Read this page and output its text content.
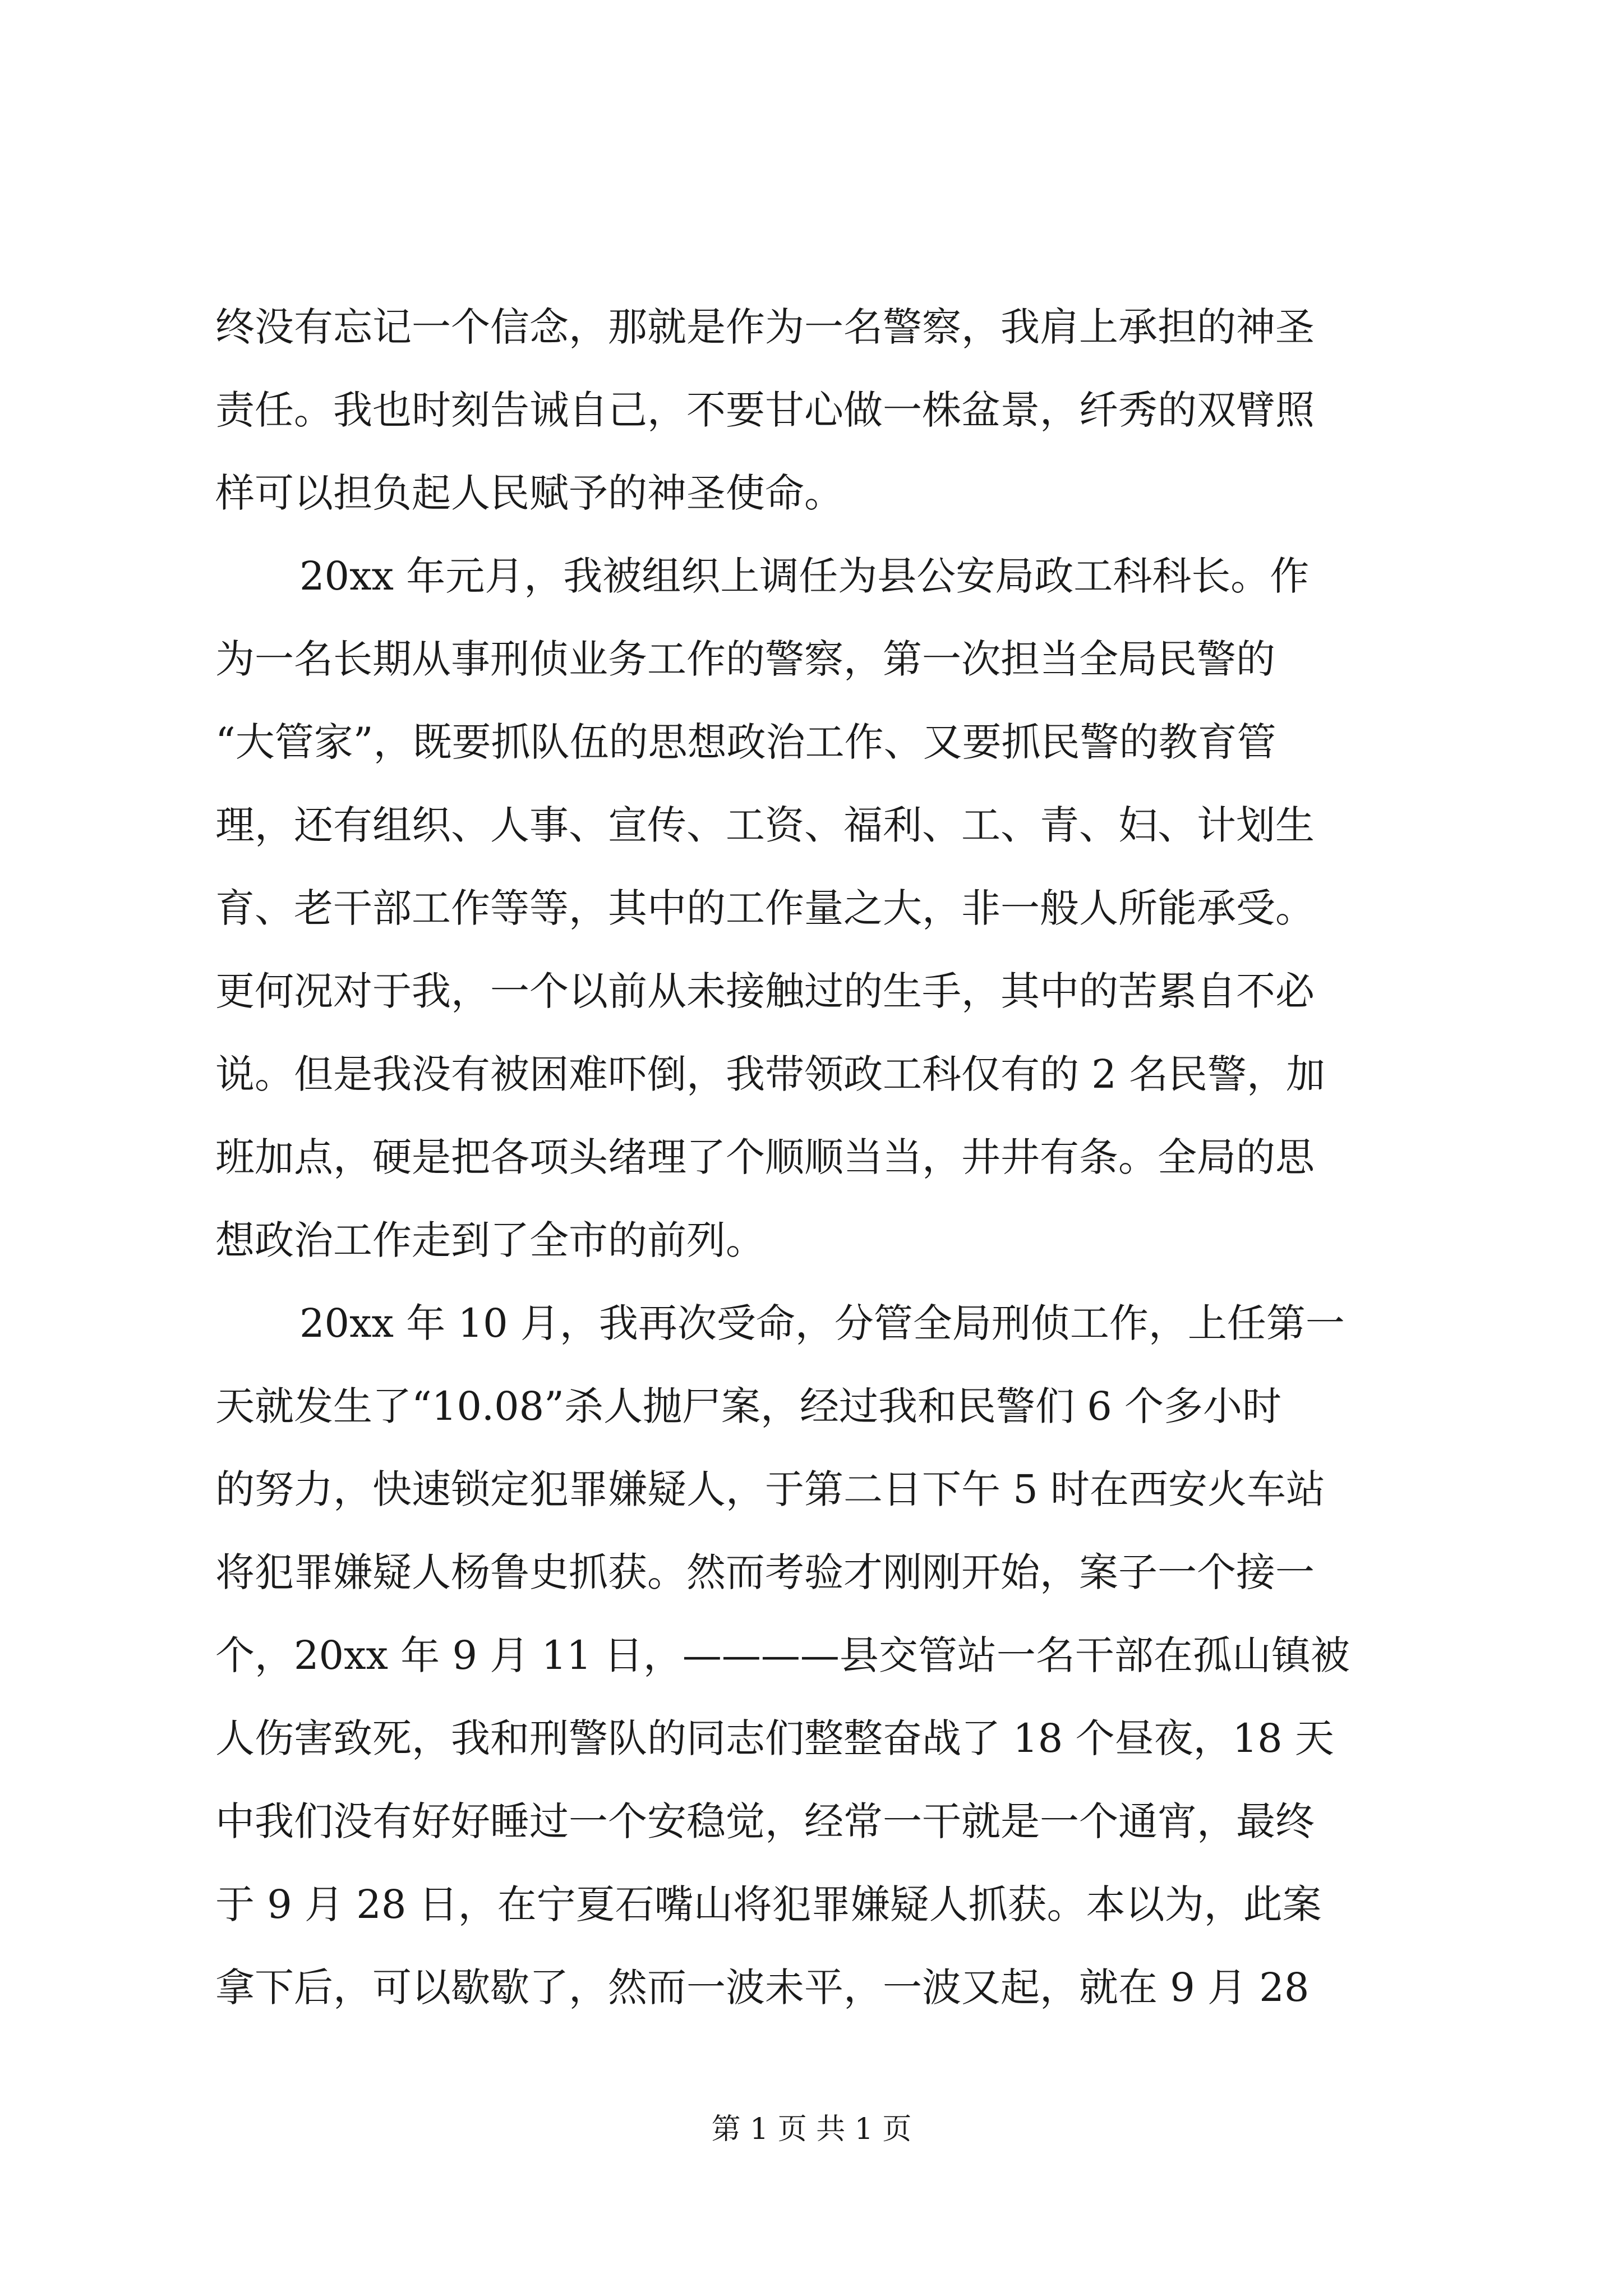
终没有忘记一个信念，那就是作为一名警察，我肩上承担的神圣
责任。我也时刻告诫自己，不要甘心做一株盆景，纤秀的双臂照
样可以担负起人民赋予的神圣使命。
20xx 年元月，我被组织上调任为县公安局政工科科长。作
为一名长期从事刑侦业务工作的警察，第一次担当全局民警的
“大管家”，既要抓队伍的思想政治工作、又要抓民警的教育管
理，还有组织、人事、宣传、工资、福利、工、青、妇、计划生
育、老干部工作等等，其中的工作量之大，非一般人所能承受。
更何况对于我，一个以前从未接触过的生手，其中的苦累自不必
说。但是我没有被困难吓倒，我带领政工科仅有的 2 名民警，加
班加点，硬是把各项头绪理了个顺顺当当，井井有条。全局的思
想政治工作走到了全市的前列。
20xx 年 10 月，我再次受命，分管全局刑侦工作，上任第一
天就发生了“10.08”杀人抛尸案，经过我和民警们 6 个多小时
的努力，快速锁定犯罪嫌疑人，于第二日下午 5 时在西安火车站
将犯罪嫌疑人杨鲁史抓获。然而考验才刚刚开始，案子一个接一
个，20xx 年 9 月 11 日，————县交管站一名干部在孤山镇被
人伤害致死，我和刑警队的同志们整整奋战了 18 个昼夜，18 天
中我们没有好好睡过一个安稳觉，经常一干就是一个通宵，最终
于 9 月 28 日，在宁夏石嘴山将犯罪嫌疑人抓获。本以为，此案
拿下后，可以歇歇了，然而一波未平，一波又起，就在 9 月 28
第 1 页 共 1 页
